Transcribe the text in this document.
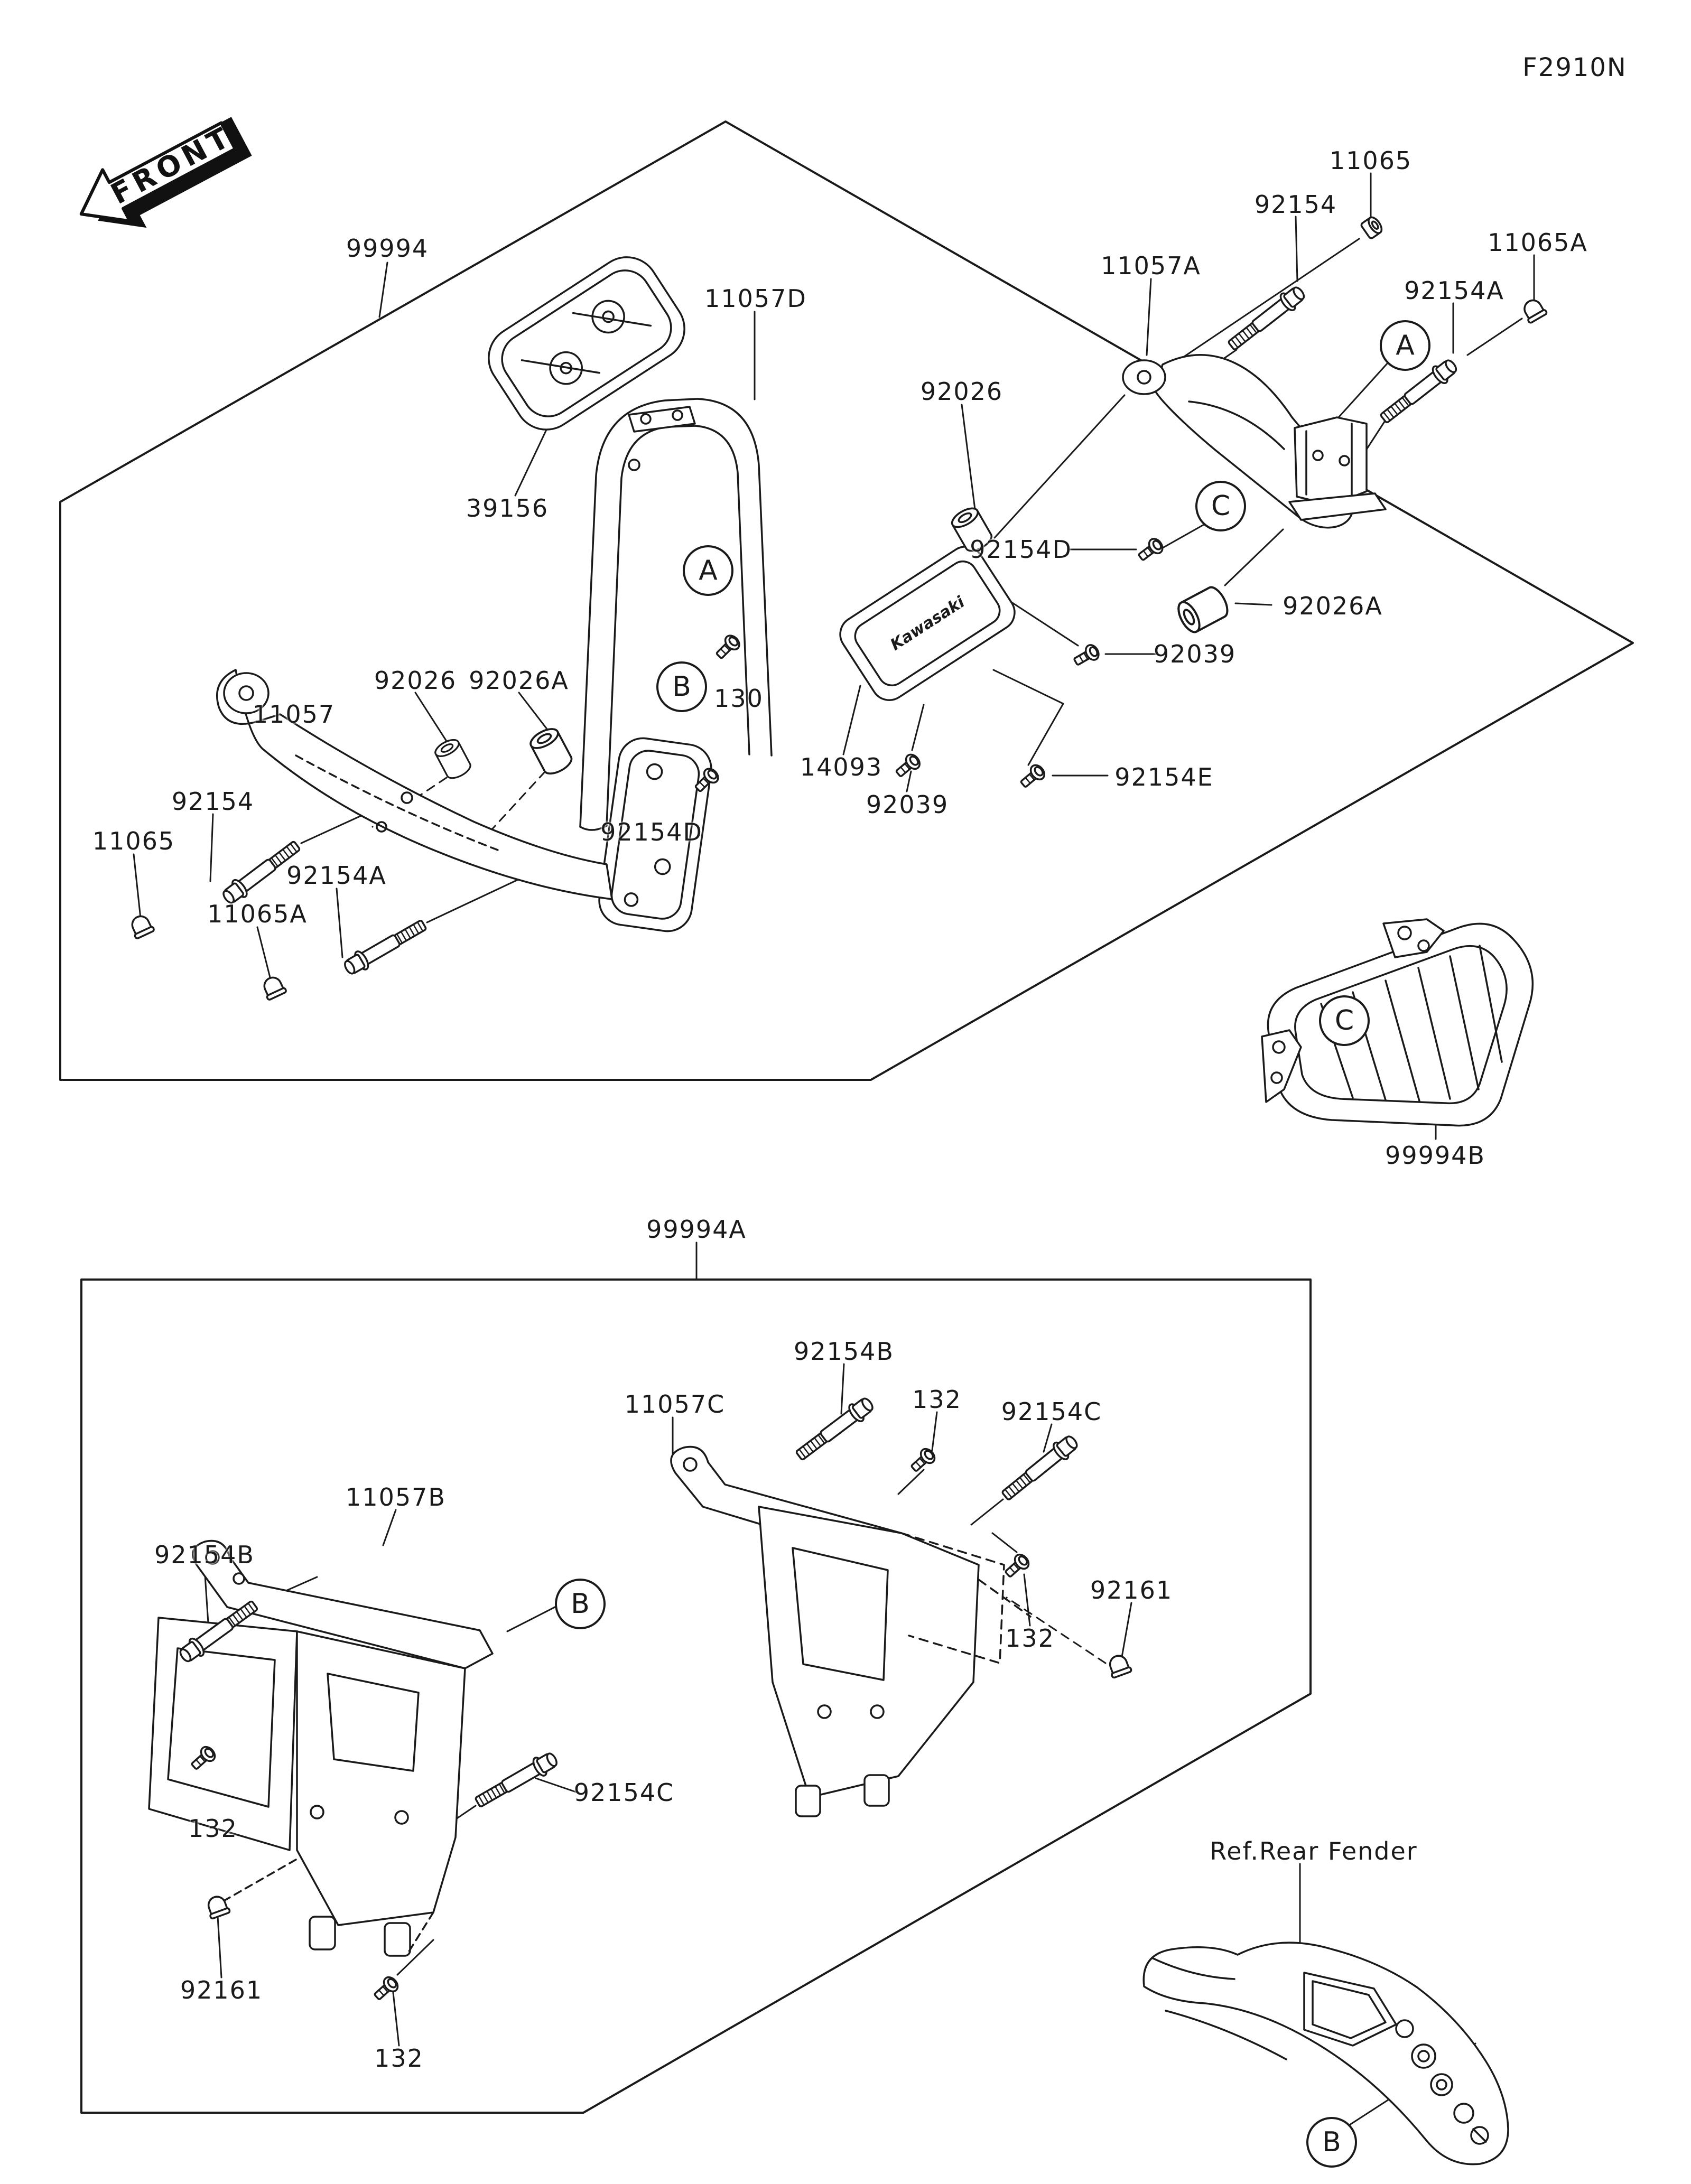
FRONT
Kawasaki
F2910N
99994
11057D
39156
11065
92154
11065A
11057A
92154A
92026
92154D
92026A
92039
130
92026 92026A
11057
92154
11065
92154A
11065A
92154D
14093
92039
92154E
99994B
99994A
92154B
11057C	132 92154C
11057B
92154B
92161
132
132
92154C
92161
132
Ref.Rear Fender
A
A
B
C
C
B
B
